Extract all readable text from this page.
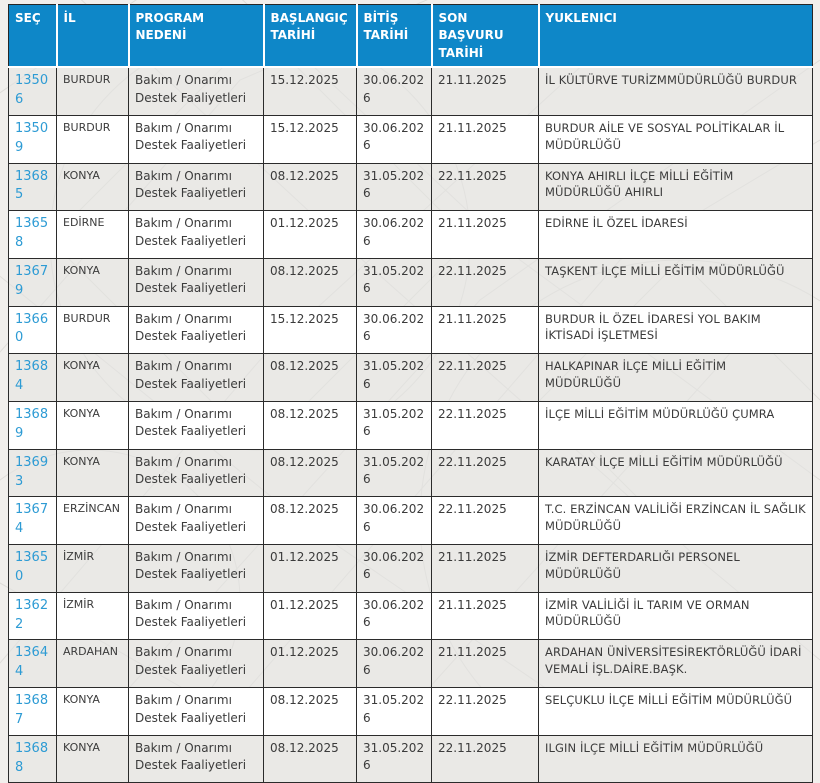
SEÇ	İL	PROGRAM NEDENİ	BAŞLANGIÇ TARİHİ	BİTİŞ TARİHİ	SON BAŞVURU TARİHİ	YUKLENICI
13506	BURDUR	Bakım / Onarımı Destek Faaliyetleri	15.12.2025	30.06.2026	21.11.2025	İL KÜLTÜRVE TURİZMMÜDÜRLÜĞÜ BURDUR
13509	BURDUR	Bakım / Onarımı Destek Faaliyetleri	15.12.2025	30.06.2026	21.11.2025	BURDUR AİLE VE SOSYAL POLİTİKALAR İL MÜDÜRLÜĞÜ
13685	KONYA	Bakım / Onarımı Destek Faaliyetleri	08.12.2025	31.05.2026	22.11.2025	KONYA AHIRLI İLÇE MİLLİ EĞİTİM MÜDÜRLÜĞÜ AHIRLI
13658	EDİRNE	Bakım / Onarımı Destek Faaliyetleri	01.12.2025	30.06.2026	21.11.2025	EDİRNE İL ÖZEL İDARESİ
13679	KONYA	Bakım / Onarımı Destek Faaliyetleri	08.12.2025	31.05.2026	22.11.2025	TAŞKENT İLÇE MİLLİ EĞİTİM MÜDÜRLÜĞÜ
13660	BURDUR	Bakım / Onarımı Destek Faaliyetleri	15.12.2025	30.06.2026	21.11.2025	BURDUR İL ÖZEL İDARESİ YOL BAKIM İKTİSADİ İŞLETMESİ
13684	KONYA	Bakım / Onarımı Destek Faaliyetleri	08.12.2025	31.05.2026	22.11.2025	HALKAPINAR İLÇE MİLLİ EĞİTİM MÜDÜRLÜĞÜ
13689	KONYA	Bakım / Onarımı Destek Faaliyetleri	08.12.2025	31.05.2026	22.11.2025	İLÇE MİLLİ EĞİTİM MÜDÜRLÜĞÜ ÇUMRA
13693	KONYA	Bakım / Onarımı Destek Faaliyetleri	08.12.2025	31.05.2026	22.11.2025	KARATAY İLÇE MİLLİ EĞİTİM MÜDÜRLÜĞÜ
13674	ERZİNCAN	Bakım / Onarımı Destek Faaliyetleri	08.12.2025	30.06.2026	22.11.2025	T.C. ERZİNCAN VALİLİĞİ ERZİNCAN İL SAĞLIK MÜDÜRLÜĞÜ
13650	İZMİR	Bakım / Onarımı Destek Faaliyetleri	01.12.2025	30.06.2026	21.11.2025	İZMİR DEFTERDARLIĞI PERSONEL MÜDÜRLÜĞÜ
13622	İZMİR	Bakım / Onarımı Destek Faaliyetleri	01.12.2025	30.06.2026	21.11.2025	İZMİR VALİLİĞİ İL TARIM VE ORMAN MÜDÜRLÜĞÜ
13644	ARDAHAN	Bakım / Onarımı Destek Faaliyetleri	01.12.2025	30.06.2026	21.11.2025	ARDAHAN ÜNİVERSİTESİREKTÖRLÜĞÜ İDARİ VEMALİ İŞL.DAİRE.BAŞK.
13687	KONYA	Bakım / Onarımı Destek Faaliyetleri	08.12.2025	31.05.2026	22.11.2025	SELÇUKLU İLÇE MİLLİ EĞİTİM MÜDÜRLÜĞÜ
13688	KONYA	Bakım / Onarımı Destek Faaliyetleri	08.12.2025	31.05.2026	22.11.2025	ILGIN İLÇE MİLLİ EĞİTİM MÜDÜRLÜĞÜ
